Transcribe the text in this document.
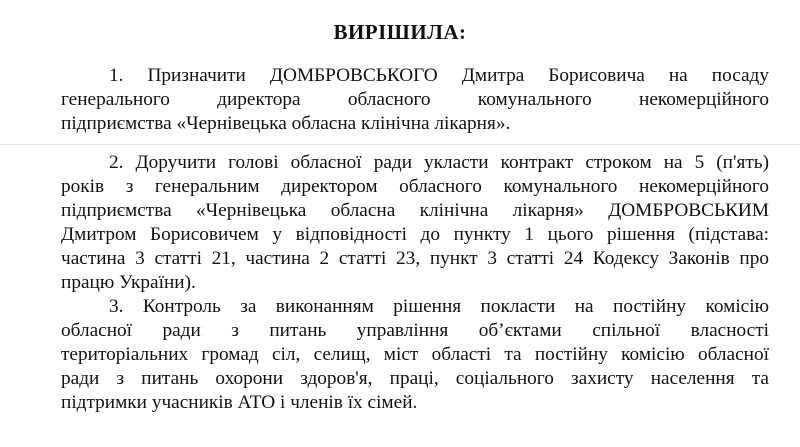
ВИРІШИЛА:
1. Призначити ДОМБРОВСЬКОГО Дмитра Борисовича на посаду
генерального директора обласного комунального некомерційного
підприємства «Чернівецька обласна клінічна лікарня».
2. Доручити голові обласної ради укласти контракт строком на 5 (п'ять)
років з генеральним директором обласного комунального некомерційного
підприємства «Чернівецька обласна клінічна лікарня» ДОМБРОВСЬКИМ
Дмитром Борисовичем у відповідності до пункту 1 цього рішення (підстава:
частина 3 статті 21, частина 2 статті 23, пункт 3 статті 24 Кодексу Законів про
працю України).
3. Контроль за виконанням рішення покласти на постійну комісію
обласної ради з питань управління об’єктами спільної власності
територіальних громад сіл, селищ, міст області та постійну комісію обласної
ради з питань охорони здоров'я, праці, соціального захисту населення та
підтримки учасників АТО і членів їх сімей.
